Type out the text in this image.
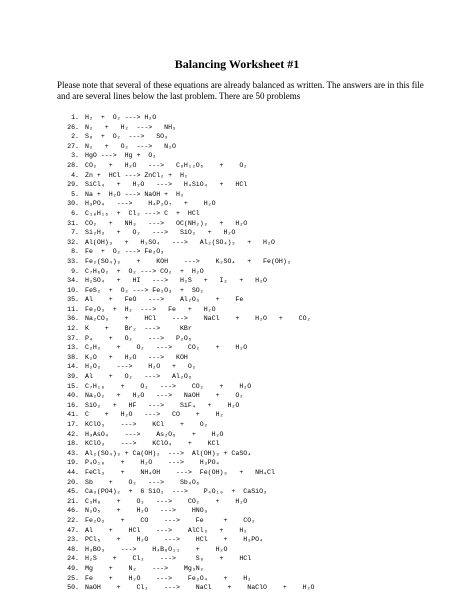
Balancing Worksheet #1

Please note that several of these equations are already balanced as written. The answers are in this file and are several lines below the last problem. There are 50 problems

1. H₂  +  O₂ ---> H₂O
26. N₂   +   H₂  --->   NH₃
2. S₈  +  O₂  --->   SO₃
27. N₂   +   O₂  --->   N₂O
3. HgO --->  Hg +  O₂
28. CO₂   +   H₂O   --->   C₆H₁₂O₆    +    O₂
4. Zn +  HCl ---> ZnCl₂ +  H₂
29. SiCl₄   +   H₂O   --->   H₄SiO₄   +   HCl
5. Na +  H₂O ---> NaOH +  H₂
30. H₃PO₄   --->    H₄P₂O₇   +    H₂O
6. C₁₀H₁₆  +  Cl₂ ---> C  +  HCl
31. CO₂   +   NH₃   --->   OC(NH₂)₂   +   H₂O
7. Si₂H₃   +   O₂   --->   SiO₂   +   H₂O
32. Al(OH)₃   +   H₂SO₄   --->   Al₂(SO₄)₃   +   H₂O
8. Fe  +  O₂ ---> Fe₂O₃
33. Fe₂(SO₄)₃    +    KOH    --->    K₂SO₄   +   Fe(OH)₃
9. C₇H₆O₂  +  O₂ ---> CO₂  +  H₂O
34. H₂SO₄   +   HI   --->   H₂S   +   I₂   +   H₂O
10. FeS₂  +  O₂ ---> Fe₂O₃  +  SO₂
35. Al    +   FeO   --->    Al₂O₃    +    Fe
11. Fe₂O₃  +  H₂  --->   Fe   +   H₂O
36. Na₂CO₃    +    HCl    --->    NaCl    +    H₂O   +    CO₂
12. K    +    Br₂  --->     KBr
37. P₄    +   O₂    --->   P₂O₅
13. C₂H₂    +    O₂   --->    CO₂    +    H₂O
38. K₂O   +   H₂O   --->   KOH
14. H₂O₂    --->    H₂O   +   O₂
39. Al    +   O₂   --->   Al₂O₃
15. C₇H₁₆    +    O₂   --->    CO₂    +    H₂O
40. Na₂O₂   +   H₂O   --->   NaOH    +    O₂
16. SiO₂   +   HF   --->    SiF₄   +    H₂O
41. C    +   H₂O   --->   CO    +    H₂
17. KClO₃    --->    KCl    +    O₂
42. H₃AsO₄    --->    As₂O₅    +    H₂O
18. KClO₃    --->    KClO₄    +    KCl
43. Al₂(SO₄)₃ + Ca(OH)₂  --->  Al(OH)₃ + CaSO₄
19. P₄O₁₀    +    H₂O    --->    H₃PO₄
44. FeCl₃    +    NH₄OH    --->  Fe(OH)₃   +   NH₄Cl
20. Sb    +    O₂   --->    Sb₄O₆
45. Ca₃(PO4)₂  +  6 SiO₂  --->    P₄O₁₀  +  CaSiO₃
21. C₃H₈    +    O₂   --->    CO₂    +    H₂O
46. N₂O₅    +    H₂O   --->    HNO₃
22. Fe₂O₃    +    CO    --->    Fe     +    CO₂
47. Al    +    HCl    --->    AlCl₃   +    H₂
23. PCl₅    +    H₂O    --->    HCl    +    H₃PO₄
48. H₃BO₃    --->    H₄B₆O₁₁    +    H₂O
24. H₂S    +    Cl₂    --->     S₈    +    HCl
49. Mg    +    N₂    --->    Mg₃N₂
25. Fe    +    H₂O    --->    Fe₃O₄    +    H₂
50. NaOH    +    Cl₂    --->    NaCl    +    NaClO    +    H₂O
